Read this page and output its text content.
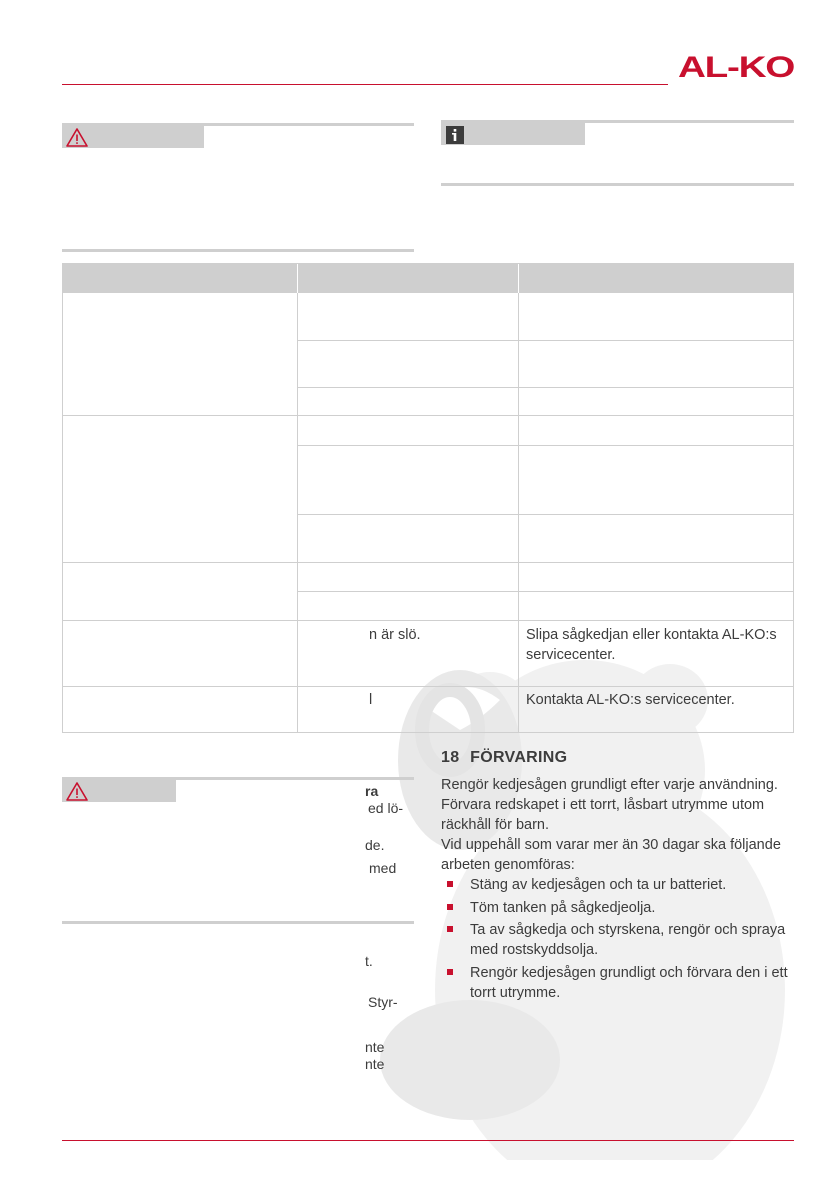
AL-KO
n är slö.	Slipa sågkedjan eller kontakta AL-KO:s servicecenter.
l	Kontakta AL-KO:s servicecenter.
ra
ed lö-
de.
med
t.
Styr-
nte
nte
18 FÖRVARING
Rengör kedjesågen grundligt efter varje användning. Förvara redskapet i ett torrt, låsbart utrymme utom räckhåll för barn.
Vid uppehåll som varar mer än 30 dagar ska följande arbeten genomföras:
Stäng av kedjesågen och ta ur batteriet.
Töm tanken på sågkedjeolja.
Ta av sågkedja och styrskena, rengör och spraya med rostskyddsolja.
Rengör kedjesågen grundligt och förvara den i ett torrt utrymme.
